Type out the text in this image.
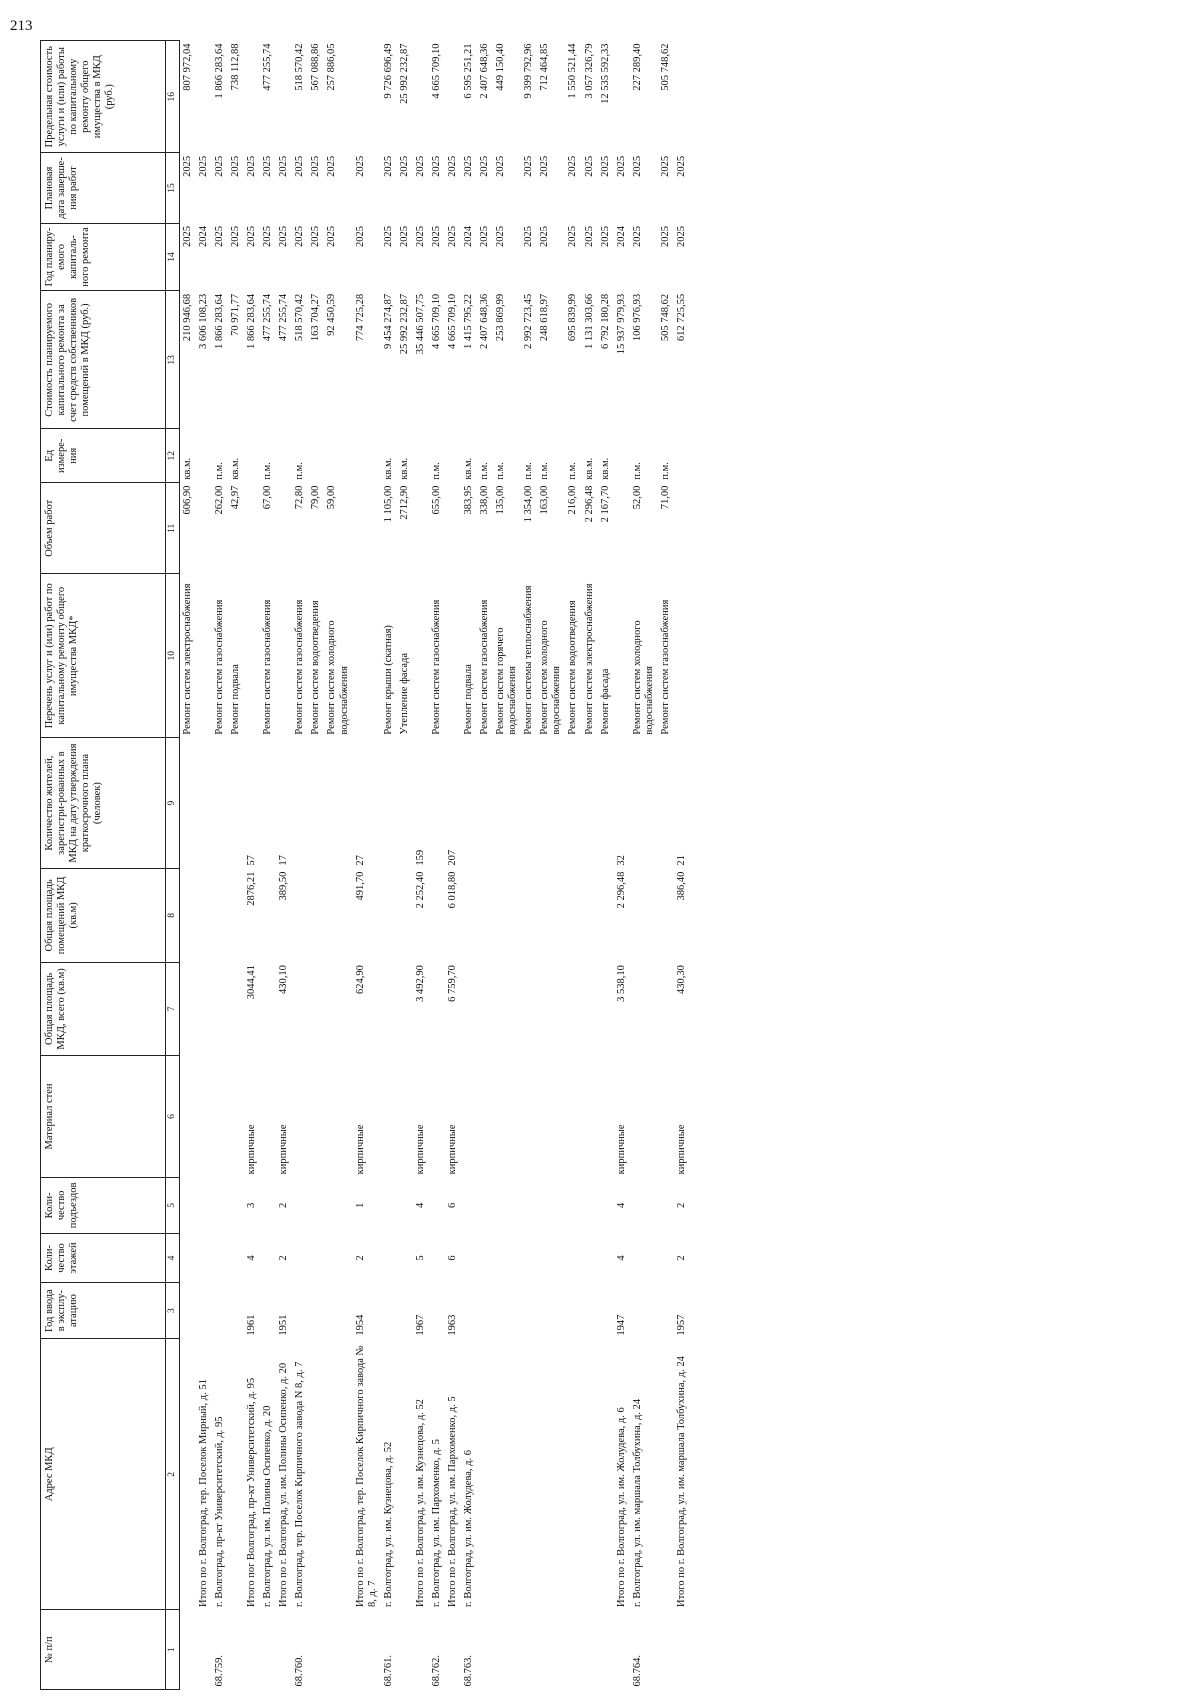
213
№ п/п	Адрес МКД	Год ввода в эксплу-атацию	Коли-чество этажей	Коли-чество подъездов	Материал стен	Общая площадь МКД, всего (кв.м)	Общая площадь помещений МКД (кв.м)	Количество жителей, зарегистри-рованных в МКД на дату утверждения краткосрочного плана (человек)	Перечень услуг и (или) работ по капитальному ремонту общего имущества МКД*	Объем работ	Ед измере-ния	Стоимость планируемого капитального ремонта за счет средств собственников помещений в МКД (руб.)	Год планиру-емого капиталь-ного ремонта	Плановая дата заверше-ния работ	Предельная стоимость услуги и (или) работы по капитальному ремонту общего имущества в МКД (руб.)
1	2	3	4	5	6	7	8	9	10	11	12	13	14	15	16
									Ремонт систем электроснабжения	606,90	кв.м.	210 946,68	2025	2025	807 972,04
	Итого по г. Волгоград, тер. Поселок Мирный, д. 51											3 606 108,23	2024	2025	
68.759.	г. Волгоград, пр-кт Университетский, д. 95								Ремонт систем газоснабжения	262,00	п.м.	1 866 283,64	2025	2025	1 866 283,64
									Ремонт подвала	42,97	кв.м.	70 971,77	2025	2025	738 112,88
	Итого пог Волгоград, пр-кт Университетский, д. 95	1961	4	3	кирпичные	3044,41	2876,21	57				1 866 283,64	2025	2025	
	г. Волгоград, ул. им. Полины Осипенко, д. 20								Ремонт систем газоснабжения	67,00	п.м.	477 255,74	2025	2025	477 255,74
	Итого по г. Волгоград, ул. им. Полины Осипенко, д. 20	1951	2	2	кирпичные	430,10	389,50	17				477 255,74	2025	2025	
68.760.	г. Волгоград, тер. Поселок Кирпичного завода N 8, д. 7								Ремонт систем газоснабжения	72,80	п.м.	518 570,42	2025	2025	518 570,42
									Ремонт систем водоотведения	79,00		163 704,27	2025	2025	567 088,86
									Ремонт систем холодного водоснабжения	59,00		92 450,59	2025	2025	257 886,05
	Итого по г. Волгоград, тер. Поселок Кирпичного завода № 8, д. 7	1954	2	1	кирпичные	624,90	491,70	27				774 725,28	2025	2025	
68.761.	г. Волгоград, ул. им. Кузнецова, д. 52								Ремонт крыши (скатная)	1 105,00	кв.м.	9 454 274,87	2025	2025	9 726 696,49
									Утепление фасада	2712,90	кв.м.	25 992 232,87	2025	2025	25 992 232,87
	Итого по г. Волгоград, ул. им. Кузнецова, д. 52	1967	5	4	кирпичные	3 492,90	2 252,40	159				35 446 507,75	2025	2025	
68.762.	г. Волгоград, ул. им. Пархоменко, д. 5								Ремонт систем газоснабжения	655,00	п.м.	4 665 709,10	2025	2025	4 665 709,10
	Итого по г. Волгоград, ул. им. Пархоменко, д. 5	1963	6	6	кирпичные	6 759,70	6 018,80	207				4 665 709,10	2025	2025	
68.763.	г. Волгоград, ул. им. Жолудева, д. 6								Ремонт подвала	383,95	кв.м.	1 415 795,22	2024	2025	6 595 251,21
									Ремонт систем газоснабжения	338,00	п.м.	2 407 648,36	2025	2025	2 407 648,36
									Ремонт систем горячего водоснабжения	135,00	п.м.	253 869,99	2025	2025	449 150,40
									Ремонт системы теплоснабжения	1 354,00	п.м.	2 992 723,45	2025	2025	9 399 792,96
									Ремонт систем холодного водоснабжения	163,00	п.м.	248 618,97	2025	2025	712 464,85
									Ремонт систем водоотведения	216,00	п.м.	695 839,99	2025	2025	1 550 521,44
									Ремонт систем электроснабжения	2 296,48	кв.м.	1 131 303,66	2025	2025	3 057 326,79
									Ремонт фасада	2 167,70	кв.м.	6 792 180,28	2025	2025	12 535 592,33
	Итого по г. Волгоград, ул. им. Жолудева, д. 6	1947	4	4	кирпичные	3 538,10	2 296,48	32				15 937 979,93	2024	2025	
68.764.	г. Волгоград, ул. им. маршала Толбухина, д. 24								Ремонт систем холодного водоснабжения	52,00	п.м.	106 976,93	2025	2025	227 289,40
									Ремонт систем газоснабжения	71,00	п.м.	505 748,62	2025	2025	505 748,62
	Итого по г. Волгоград, ул. им. маршала Толбухина, д. 24	1957	2	2	кирпичные	430,30	386,40	21				612 725,55	2025	2025	
